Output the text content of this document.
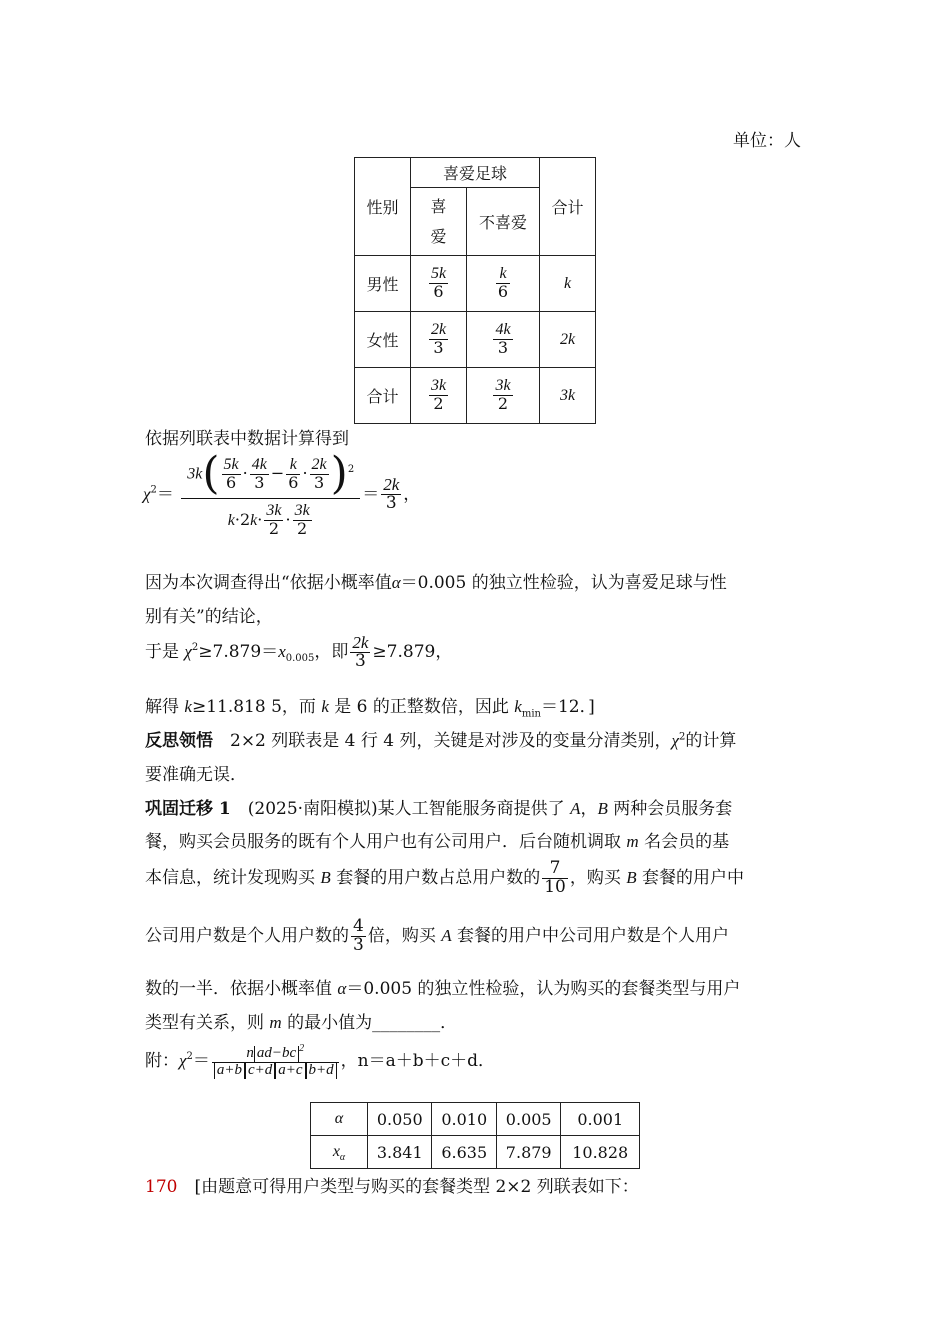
单位：人
性别	喜爱足球		合计
	喜
爱	不喜爱	
男性	$\frac{5k}{6}$	$\frac{k}{6}$	k
女性	$\frac{2k}{3}$	$\frac{4k}{3}$	2k
合计	$\frac{3k}{2}$	$\frac{3k}{2}$	3k
依据列联表中数据计算得到
$\chi^2= \frac{3k( \frac{5k}{6} \cdot \frac{4k}{3} - \frac{k}{6} \cdot \frac{2k}{3} )^2}{k\cdot 2k\cdot \frac{3k}{2} \cdot \frac{3k}{2}} = \frac{2k}{3}$ ，
因为本次调查得出“依据小概率值α＝0.005 的独立性检验，认为喜爱足球与性
别有关”的结论，
于是 $\chi^2\ge 7.879=x_{0.005}$，即 $\frac{2k}{3} \ge 7.879$，
解得 k≥11.818 5，而 k 是 6 的正整数倍，因此 $k_{min}=12$．]
反思领悟　2×2 列联表是 4 行 4 列，关键是对涉及的变量分清类别，$\chi^2$的计算
要准确无误．
巩固迁移 1　(2025·南阳模拟)某人工智能服务商提供了 A，B 两种会员服务套
餐，购买会员服务的既有个人用户也有公司用户．后台随机调取 m 名会员的基
本信息，统计发现购买 B 套餐的用户数占总用户数的 $\frac{7}{10}$ ，购买 B 套餐的用户中
公司用户数是个人用户数的 $\frac{4}{3}$ 倍，购买 A 套餐的用户中公司用户数是个人用户
数的一半．依据小概率值 α＝0.005 的独立性检验，认为购买的套餐类型与用户
类型有关系，则 m 的最小值为________．
附：$\chi^2= \frac{n ad-bc ^2}{\text{a+b c+d a+c b+d}}$ ，n＝a＋b＋c＋d．
α	0.050	0.010	0.005	0.001
$x_\alpha$	3.841	6.635	7.879	10.828
170　[由题意可得用户类型与购买的套餐类型 2×2 列联表如下：
